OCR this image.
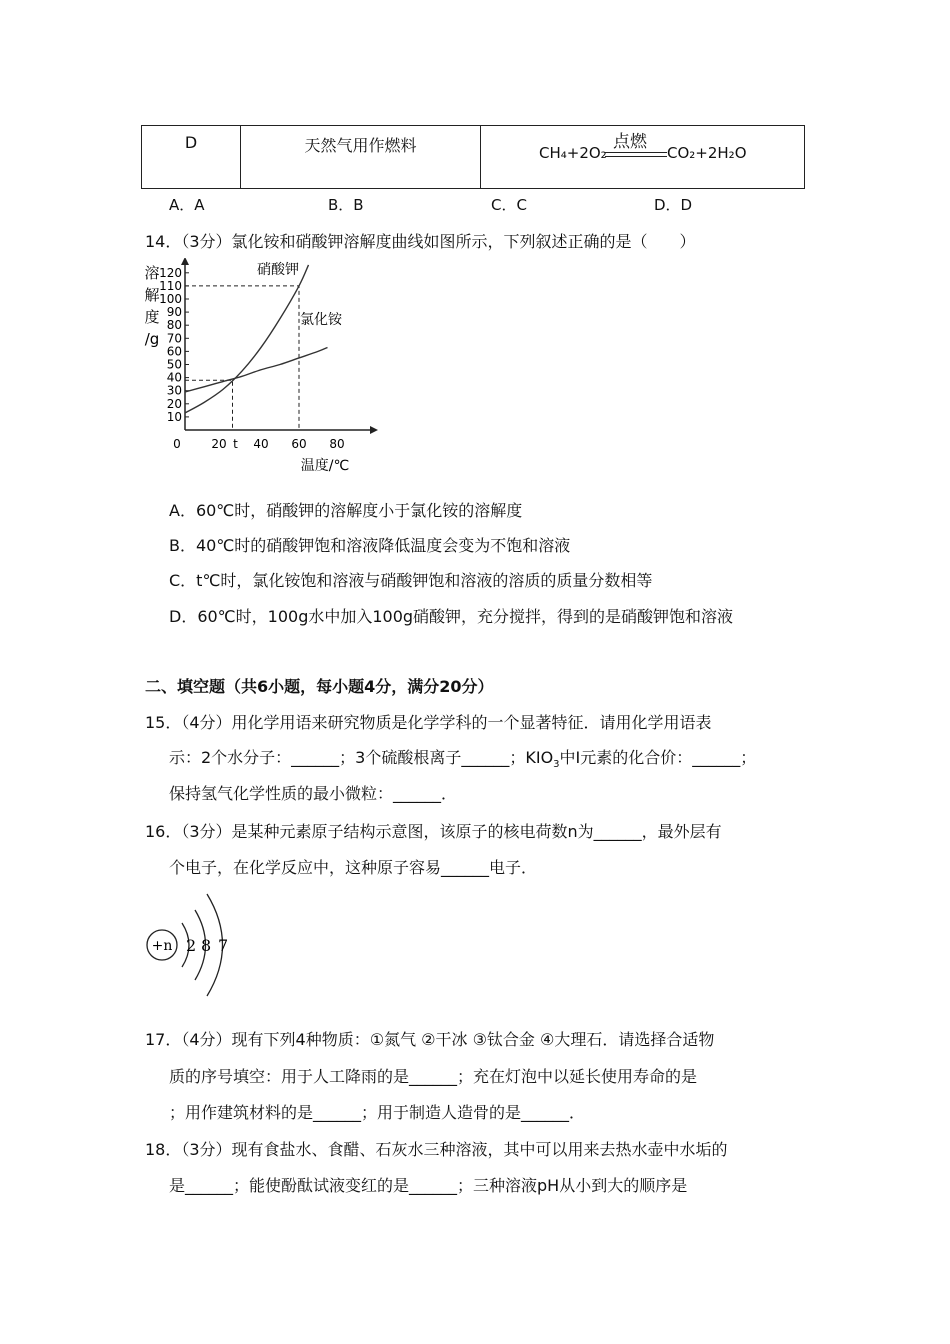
D	天然气用作燃料	CH₄+2O₂
点燃
CO₂+2H₂O
A．A	B．B	C．C	D．D
14．（3分）氯化铵和硝酸钾溶解度曲线如图所示，下列叙述正确的是（　　）
10
20
30
40
50
60
70
80
90
100
110
120
0	20 t 40 60 80
溶
解
度
/g
温度/℃
硝酸钾
氯化铵
A．60℃时，硝酸钾的溶解度小于氯化铵的溶解度
B．40℃时的硝酸钾饱和溶液降低温度会变为不饱和溶液
C．t℃时，氯化铵饱和溶液与硝酸钾饱和溶液的溶质的质量分数相等
D．60℃时，100g水中加入100g硝酸钾，充分搅拌，得到的是硝酸钾饱和溶液
二、填空题（共6小题，每小题4分，满分20分）
15．（4分）用化学用语来研究物质是化学学科的一个显著特征．请用化学用语表
示：2个水分子：______；3个硫酸根离子______；$KIO_3$中I元素的化合价：______；
保持氢气化学性质的最小微粒：______．
16．（3分）是某种元素原子结构示意图，该原子的核电荷数n为______，最外层有
个电子，在化学反应中，这种原子容易______电子．
+n 2 8 7
17．（4分）现有下列4种物质：①氮气 ②干冰 ③钛合金 ④大理石．请选择合适物
质的序号填空：用于人工降雨的是______；充在灯泡中以延长使用寿命的是
；用作建筑材料的是______；用于制造人造骨的是______．
18．（3分）现有食盐水、食醋、石灰水三种溶液，其中可以用来去热水壶中水垢的
是______；能使酚酞试液变红的是______；三种溶液pH从小到大的顺序是
